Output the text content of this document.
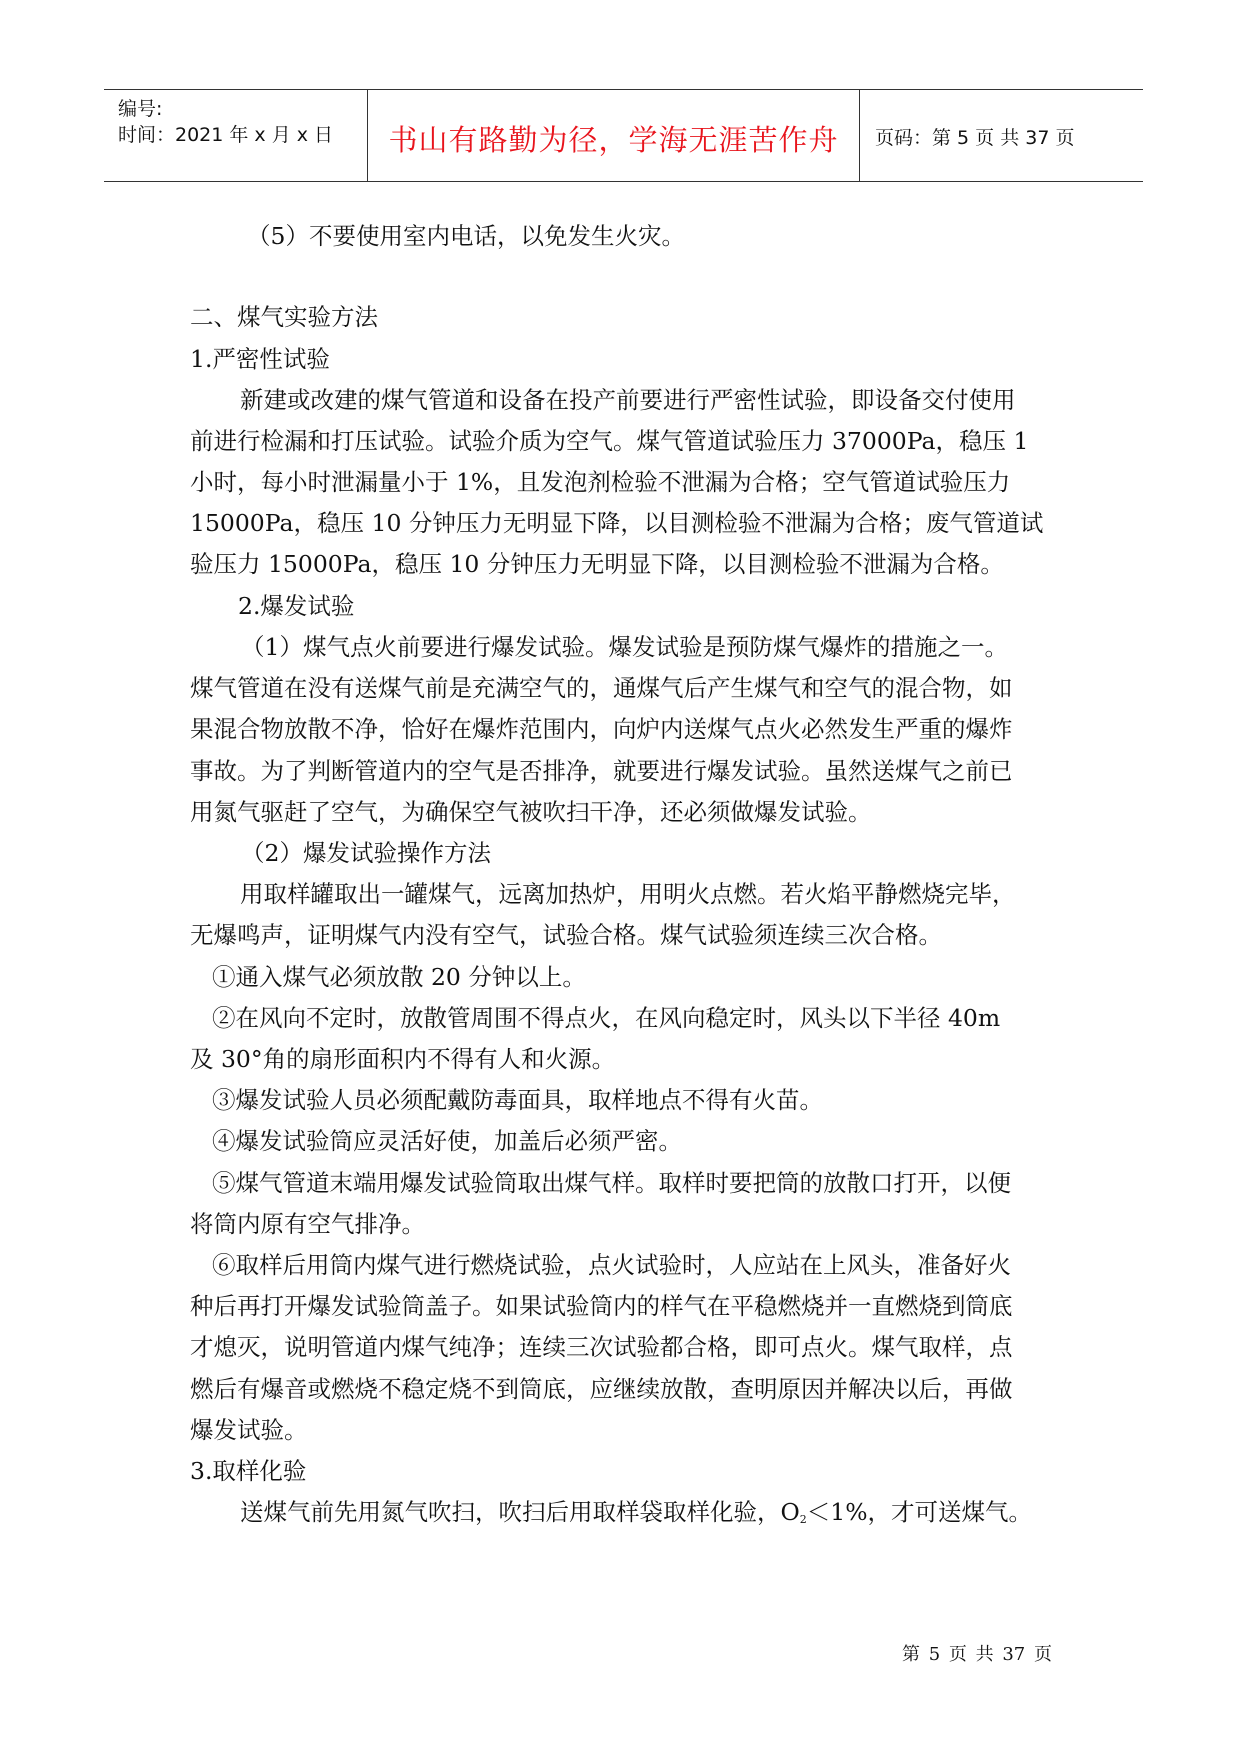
编号:
时间：2021 年 x 月 x 日	书山有路勤为径，学海无涯苦作舟	页码：第 5 页 共 37 页
（5）不要使用室内电话，以免发生火灾。
二、煤气实验方法
1.严密性试验
新建或改建的煤气管道和设备在投产前要进行严密性试验，即设备交付使用
前进行检漏和打压试验。试验介质为空气。煤气管道试验压力 37000Pa，稳压 1
小时，每小时泄漏量小于 1%，且发泡剂检验不泄漏为合格；空气管道试验压力
15000Pa，稳压 10 分钟压力无明显下降，以目测检验不泄漏为合格；废气管道试
验压力 15000Pa，稳压 10 分钟压力无明显下降，以目测检验不泄漏为合格。
2.爆发试验
（1）煤气点火前要进行爆发试验。爆发试验是预防煤气爆炸的措施之一。
煤气管道在没有送煤气前是充满空气的，通煤气后产生煤气和空气的混合物，如
果混合物放散不净，恰好在爆炸范围内，向炉内送煤气点火必然发生严重的爆炸
事故。为了判断管道内的空气是否排净，就要进行爆发试验。虽然送煤气之前已
用氮气驱赶了空气，为确保空气被吹扫干净，还必须做爆发试验。
（2）爆发试验操作方法
用取样罐取出一罐煤气，远离加热炉，用明火点燃。若火焰平静燃烧完毕，
无爆鸣声，证明煤气内没有空气，试验合格。煤气试验须连续三次合格。
①通入煤气必须放散 20 分钟以上。
②在风向不定时，放散管周围不得点火，在风向稳定时，风头以下半径 40m
及 30°角的扇形面积内不得有人和火源。
③爆发试验人员必须配戴防毒面具，取样地点不得有火苗。
④爆发试验筒应灵活好使，加盖后必须严密。
⑤煤气管道末端用爆发试验筒取出煤气样。取样时要把筒的放散口打开，以便
将筒内原有空气排净。
⑥取样后用筒内煤气进行燃烧试验，点火试验时，人应站在上风头，准备好火
种后再打开爆发试验筒盖子。如果试验筒内的样气在平稳燃烧并一直燃烧到筒底
才熄灭，说明管道内煤气纯净；连续三次试验都合格，即可点火。煤气取样，点
燃后有爆音或燃烧不稳定烧不到筒底，应继续放散，查明原因并解决以后，再做
爆发试验。
3.取样化验
送煤气前先用氮气吹扫，吹扫后用取样袋取样化验，$O_2<1\%$，才可送煤气。
第 5 页 共 37 页
